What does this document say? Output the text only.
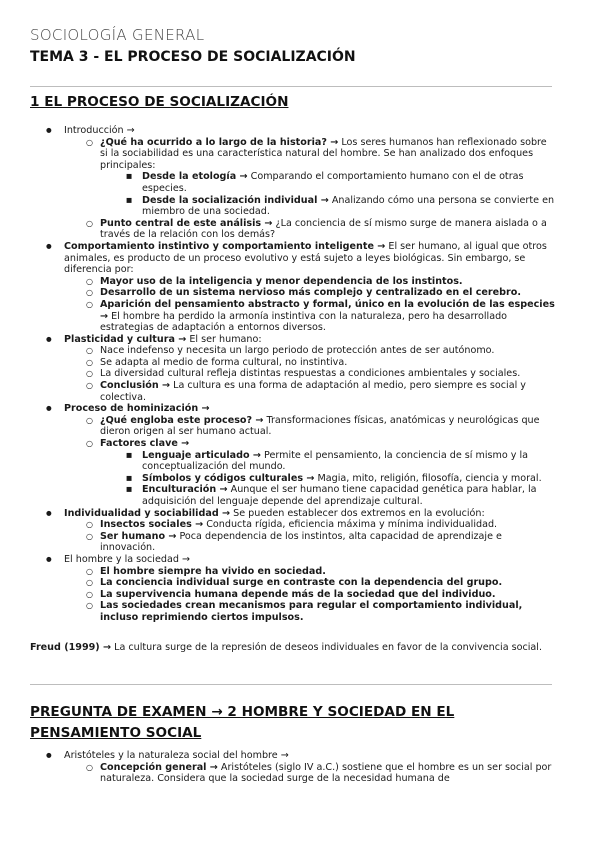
SOCIOLOGÍA GENERAL
TEMA 3 - EL PROCESO DE SOCIALIZACIÓN
1 EL PROCESO DE SOCIALIZACIÓN
● Introducción →
○ ¿Qué ha ocurrido a lo largo de la historia? → Los seres humanos han reflexionado sobre si la sociabilidad es una característica natural del hombre. Se han analizado dos enfoques principales:
■ Desde la etología → Comparando el comportamiento humano con el de otras especies.
■ Desde la socialización individual → Analizando cómo una persona se convierte en miembro de una sociedad.
○ Punto central de este análisis → ¿La conciencia de sí mismo surge de manera aislada o a través de la relación con los demás?
● Comportamiento instintivo y comportamiento inteligente → El ser humano, al igual que otros animales, es producto de un proceso evolutivo y está sujeto a leyes biológicas. Sin embargo, se diferencia por:
○ Mayor uso de la inteligencia y menor dependencia de los instintos.
○ Desarrollo de un sistema nervioso más complejo y centralizado en el cerebro.
○ Aparición del pensamiento abstracto y formal, único en la evolución de las especies → El hombre ha perdido la armonía instintiva con la naturaleza, pero ha desarrollado estrategias de adaptación a entornos diversos.
● Plasticidad y cultura → El ser humano:
○ Nace indefenso y necesita un largo periodo de protección antes de ser autónomo.
○ Se adapta al medio de forma cultural, no instintiva.
○ La diversidad cultural refleja distintas respuestas a condiciones ambientales y sociales.
○ Conclusión → La cultura es una forma de adaptación al medio, pero siempre es social y colectiva.
● Proceso de hominización →
○ ¿Qué engloba este proceso? → Transformaciones físicas, anatómicas y neurológicas que dieron origen al ser humano actual.
○ Factores clave →
■ Lenguaje articulado → Permite el pensamiento, la conciencia de sí mismo y la conceptualización del mundo.
■ Símbolos y códigos culturales → Magia, mito, religión, filosofía, ciencia y moral.
■ Enculturación → Aunque el ser humano tiene capacidad genética para hablar, la adquisición del lenguaje depende del aprendizaje cultural.
● Individualidad y sociabilidad → Se pueden establecer dos extremos en la evolución:
○ Insectos sociales → Conducta rígida, eficiencia máxima y mínima individualidad.
○ Ser humano → Poca dependencia de los instintos, alta capacidad de aprendizaje e innovación.
● El hombre y la sociedad →
○ El hombre siempre ha vivido en sociedad.
○ La conciencia individual surge en contraste con la dependencia del grupo.
○ La supervivencia humana depende más de la sociedad que del individuo.
○ Las sociedades crean mecanismos para regular el comportamiento individual, incluso reprimiendo ciertos impulsos.
Freud (1999) → La cultura surge de la represión de deseos individuales en favor de la convivencia social.
PREGUNTA DE EXAMEN → 2 HOMBRE Y SOCIEDAD EN EL PENSAMIENTO SOCIAL
● Aristóteles y la naturaleza social del hombre →
○ Concepción general → Aristóteles (siglo IV a.C.) sostiene que el hombre es un ser social por naturaleza. Considera que la sociedad surge de la necesidad humana de
